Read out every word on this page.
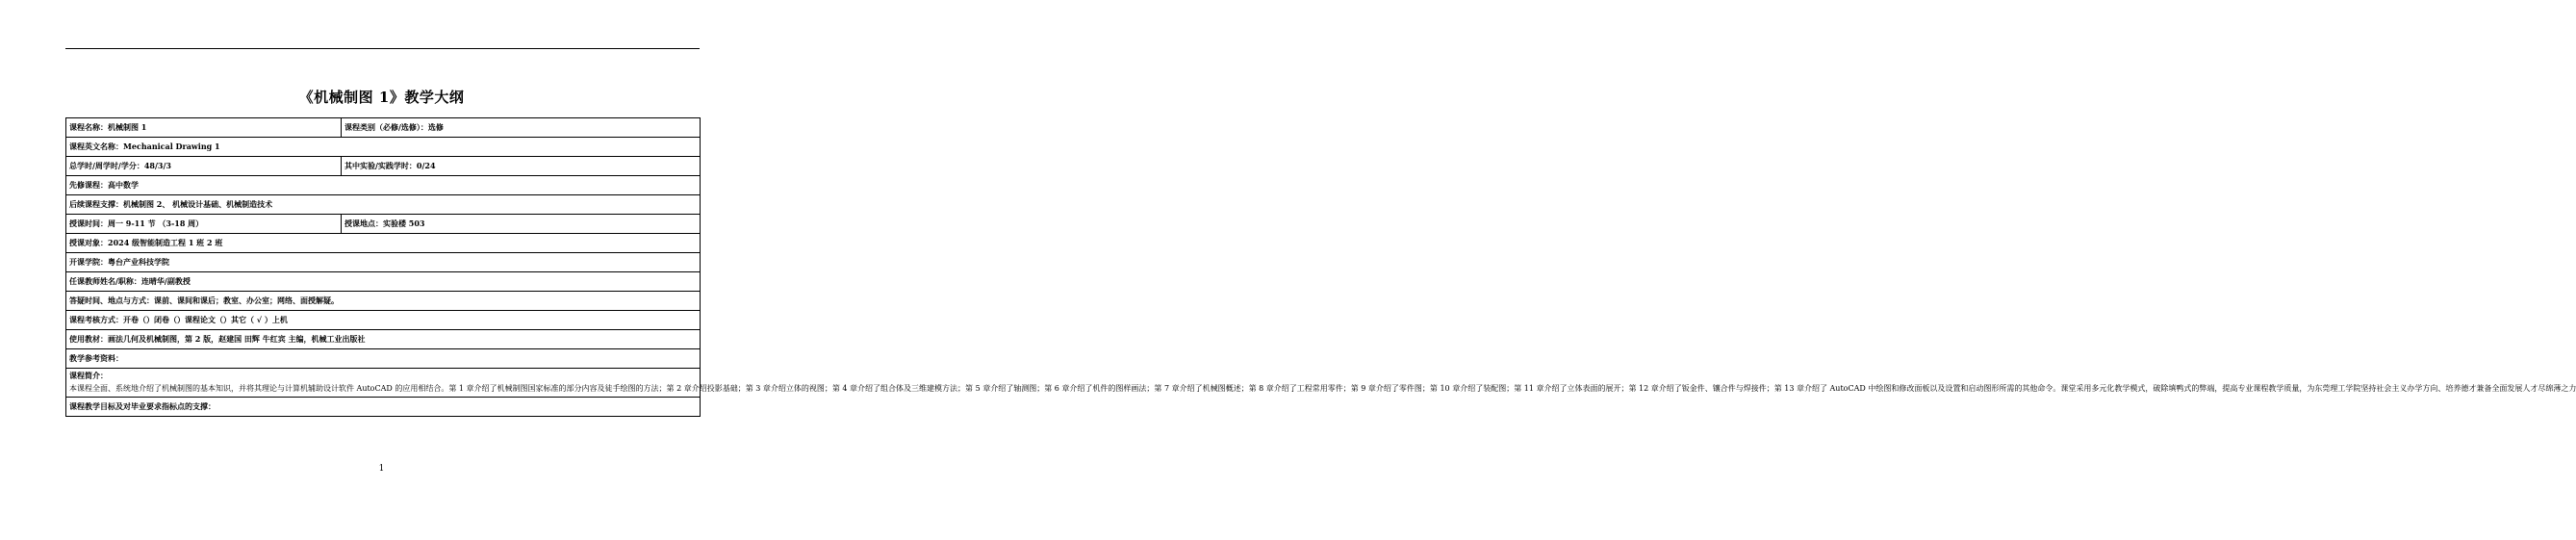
《机械制图 1》教学大纲
课程名称：机械制图 1	课程类别（必修/选修）：选修
课程英文名称：Mechanical Drawing 1	
总学时/周学时/学分：48/3/3	其中实验/实践学时：0/24
先修课程：高中数学	
后续课程支撑：机械制图 2、 机械设计基础、机械制造技术	
授课时间：周一 9-11 节 （3-18 周）	授课地点：实验楼 503
授课对象：2024 级智能制造工程 1 班 2 班	
开课学院：粤台产业科技学院	
任课教师姓名/职称：连晴华/副教授	
答疑时间、地点与方式：课前、课间和课后；教室、办公室；网络、面授解疑。	
课程考核方式：开卷（）闭卷（）课程论文（）其它（ √ ）上机	
使用教材：画法几何及机械制图，第 2 版，赵建国 田辉 牛红宾 主编，机械工业出版社	
教学参考资料：	

课程简介：
本课程全面、系统地介绍了机械制图的基本知识，并将其理论与计算机辅助设计软件 AutoCAD 的应用相结合。第 1 章介绍了机械制图国家标准的部分内容及徒手绘图的方法；第 2 章介绍投影基础；第 3 章介绍立体的视图；第 4 章介绍了组合体及三维建模方法；第 5 章介绍了轴测图；第 6 章介绍了机件的图样画法；第 7 章介绍了机械图概述；第 8 章介绍了工程常用零件；第 9 章介绍了零件图；第 10 章介绍了装配图；第 11 章介绍了立体表面的展开；第 12 章介绍了钣金件、镶合件与焊接件；第 13 章介绍了 AutoCAD 中绘图和修改面板以及设置和启动图形所需的其他命令。课堂采用多元化教学模式，破除填鸭式的弊端，提高专业课程教学质量，为东莞理工学院坚持社会主义办学方向、培养德才兼备全面发展人才尽绵薄之力	

课程教学目标及对毕业要求指标点的支撑：	
1
